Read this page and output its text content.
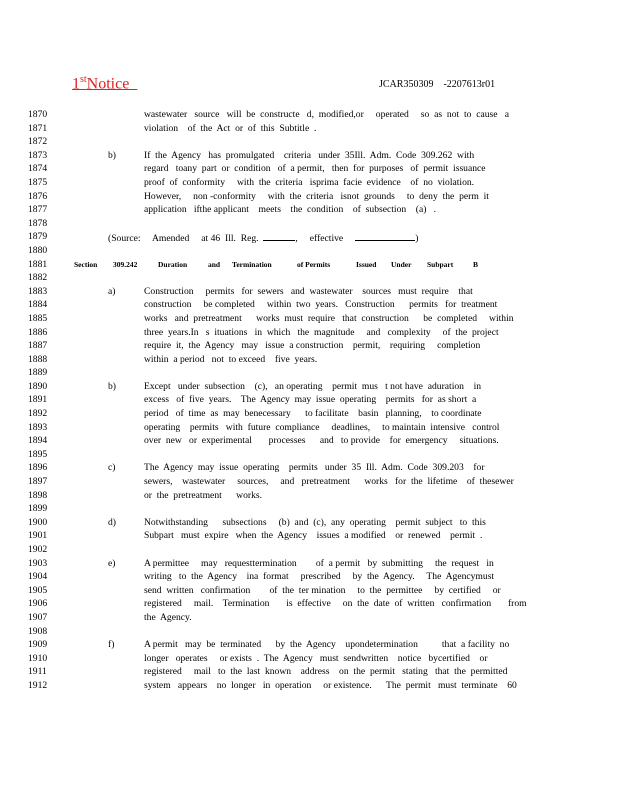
1stNotice	JCAR350309    -2207613r01
1870	wastewater   source   will  be  constructe   d,  modified,or     operated     so  as  not  to  cause   a
1871	violation    of  the  Act  or  of  this  Subtitle  .
1872
1873	b)	If  the  Agency   has  promulgated    criteria   under  35Ill.  Adm.  Code  309.262  with
1874	regard   toany  part  or  condition   of  a permit,   then  for  purposes   of  permit  issuance
1875	proof  of  conformity     with  the  criteria   isprima  facie  evidence    of  no  violation.
1876	However,     non -conformity     with  the  criteria   isnot  grounds     to  deny  the  perm  it
1877	application   ifthe applicant    meets    the  condition    of  subsection    (a)   .
1878
1879	(Source: Amended at 46  Ill.  Reg.	, effective	)
1880
1881	Section 309.242	Duration	and Termination	of Permits	Issued Under Subpart	B
1882
1883	a)	Construction     permits   for  sewers   and  wastewater    sources   must  require    that
1884	construction     be completed     within  two  years.   Construction      permits   for  treatment
1885	works   and  pretreatment      works  must  require   that  construction      be  completed     within
1886	three  years.In   s  ituations   in  which   the  magnitude     and   complexity     of  the  project
1887	require  it,  the  Agency   may   issue  a construction    permit,    requiring     completion
1888	within  a period   not  to exceed    five  years.
1889
1890	b)	Except   under  subsection    (c),   an operating    permit  mus   t not have  aduration    in
1891	excess   of  five  years.    The  Agency  may  issue  operating    permits   for  as short  a
1892	period   of  time  as  may  benecessary      to facilitate    basin   planning,    to coordinate
1893	operating    permits   with  future  compliance     deadlines,     to maintain  intensive   control
1894	over  new   or  experimental       processes      and   to provide    for  emergency     situations.
1895
1896	c)	The  Agency  may  issue  operating    permits   under  35  Ill.  Adm.  Code  309.203    for
1897	sewers,    wastewater     sources,     and   pretreatment      works   for  the  lifetime    of  thesewer
1898	or  the  pretreatment      works.
1899
1900	d)	Notwithstanding      subsections     (b)  and  (c),  any  operating    permit  subject   to  this
1901	Subpart   must  expire   when  the  Agency    issues  a modified    or  renewed    permit  .
1902
1903	e)	A permittee     may   requesttermination        of  a permit   by  submitting     the  request   in
1904	writing   to  the  Agency    ina  format     prescribed     by  the  Agency.     The  Agencymust
1905	send  written   confirmation        of  the  ter mination     to  the  permittee     by  certified     or
1906	registered     mail.    Termination       is  effective     on  the  date  of  written   confirmation       from
1907	the  Agency.
1908
1909	f)	A permit   may  be  terminated      by  the  Agency    upondetermination          that  a facility  no
1910	longer   operates     or exists  .  The  Agency   must  sendwritten    notice   bycertified    or
1911	registered     mail   to  the  last  known    address    on  the  permit   stating   that  the  permitted
1912	system   appears    no  longer   in  operation     or existence.      The  permit   must  terminate    60
